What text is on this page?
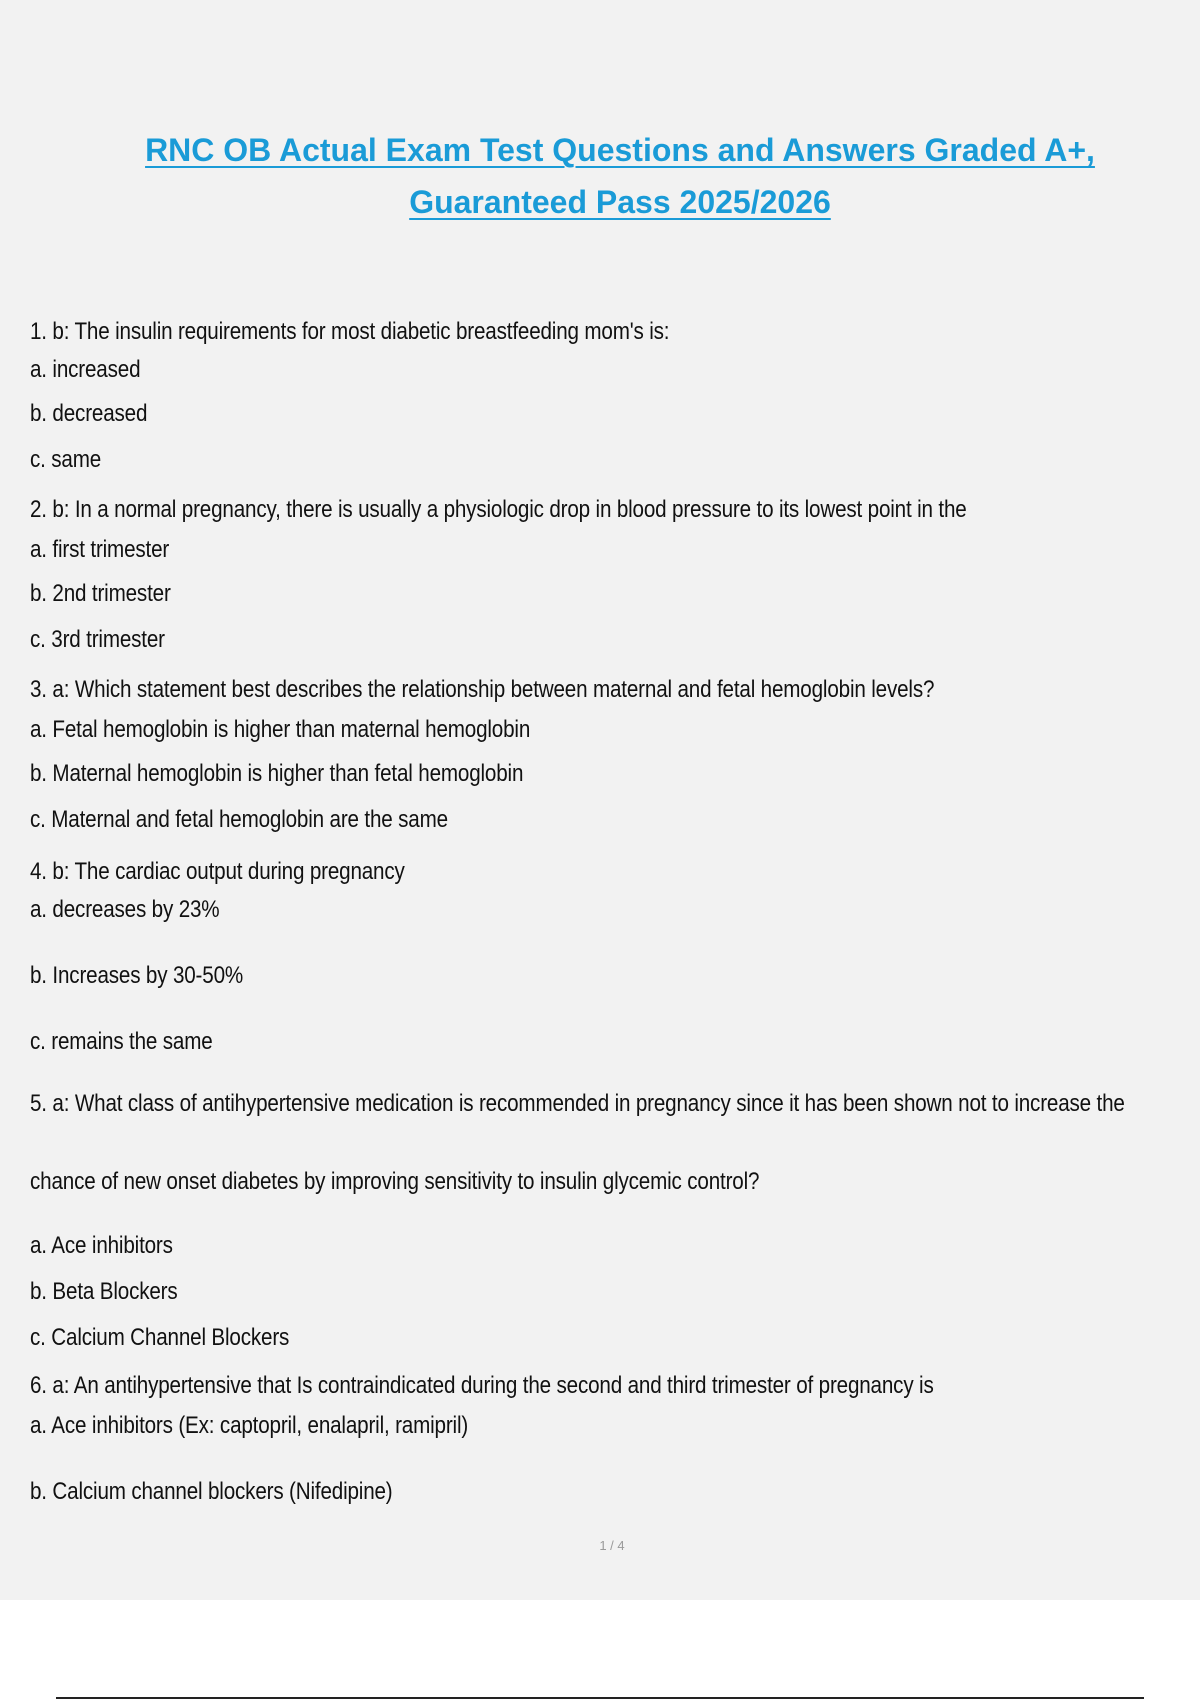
RNC OB Actual Exam Test Questions and Answers Graded A+,
Guaranteed Pass 2025/2026
1. b: The insulin requirements for most diabetic breastfeeding mom's is:
a. increased
b. decreased
c. same
2. b: In a normal pregnancy, there is usually a physiologic drop in blood pressure to its lowest point in the
a. first trimester
b. 2nd trimester
c. 3rd trimester
3. a: Which statement best describes the relationship between maternal and fetal hemoglobin levels?
a. Fetal hemoglobin is higher than maternal hemoglobin
b. Maternal hemoglobin is higher than fetal hemoglobin
c. Maternal and fetal hemoglobin are the same
4. b: The cardiac output during pregnancy
a. decreases by 23%
b. Increases by 30-50%
c. remains the same
5. a: What class of antihypertensive medication is recommended in pregnancy since it has been shown not to increase the
chance of new onset diabetes by improving sensitivity to insulin glycemic control?
a. Ace inhibitors
b. Beta Blockers
c. Calcium Channel Blockers
6. a: An antihypertensive that Is contraindicated during the second and third trimester of pregnancy is
a. Ace inhibitors (Ex: captopril, enalapril, ramipril)
b. Calcium channel blockers (Nifedipine)
1 / 4
